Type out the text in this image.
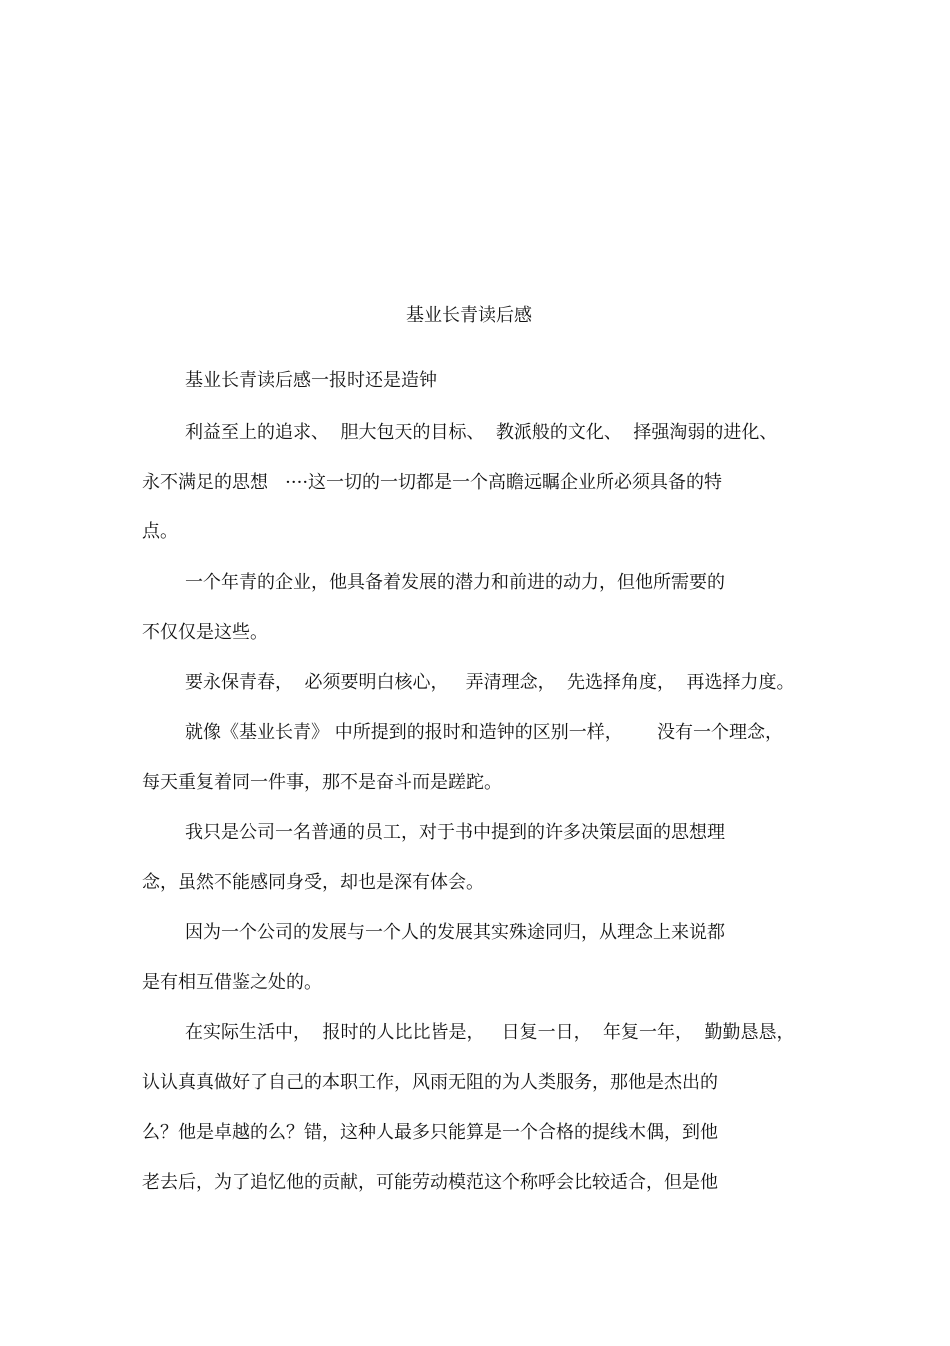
基业长青读后感
基业长青读后感一报时还是造钟
利益至上的追求、  胆大包天的目标、  教派般的文化、  择强淘弱的进化、
永不满足的思想   ····这一切的一切都是一个高瞻远瞩企业所必须具备的特
点。
一个年青的企业，他具备着发展的潜力和前进的动力，但他所需要的
不仅仅是这些。
要永保青春，  必须要明白核心，   弄清理念，  先选择角度，  再选择力度。
就像《基业长青》 中所提到的报时和造钟的区别一样，      没有一个理念，
每天重复着同一件事，那不是奋斗而是蹉跎。
我只是公司一名普通的员工，对于书中提到的许多决策层面的思想理
念，虽然不能感同身受，却也是深有体会。
因为一个公司的发展与一个人的发展其实殊途同归，从理念上来说都
是有相互借鉴之处的。
在实际生活中，  报时的人比比皆是，   日复一日，  年复一年，  勤勤恳恳，
认认真真做好了自己的本职工作，风雨无阻的为人类服务，那他是杰出的
么？他是卓越的么？错，这种人最多只能算是一个合格的提线木偶，到他
老去后，为了追忆他的贡献，可能劳动模范这个称呼会比较适合，但是他
